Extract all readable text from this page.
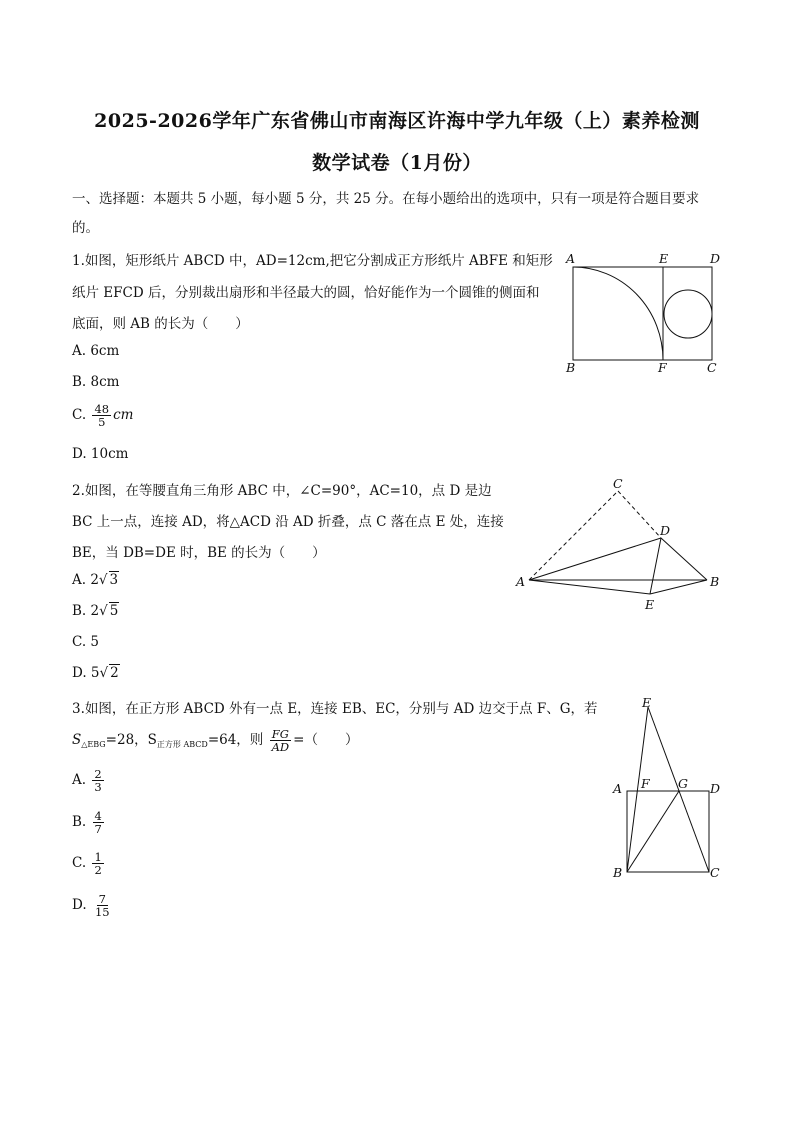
2025-2026学年广东省佛山市南海区许海中学九年级（上）素养检测
数学试卷（1月份）
一、选择题：本题共 5 小题，每小题 5 分，共 25 分。在每小题给出的选项中，只有一项是符合题目要求
的。
1.如图，矩形纸片 ABCD 中，AD=12cm,把它分割成正方形纸片 ABFE 和矩形
纸片 EFCD 后，分别裁出扇形和半径最大的圆，恰好能作为一个圆锥的侧面和
底面，则 AB 的长为（　　）
A. 6cm
B. 8cm
C. $\frac{48}{5}$ cm
D. 10cm
A	E	D
B	F	C
2.如图，在等腰直角三角形 ABC 中，∠C=90°，AC=10，点 D 是边
BC 上一点，连接 AD，将△ACD 沿 AD 折叠，点 C 落在点 E 处，连接
BE，当 DB=DE 时，BE 的长为（　　）
A. 2√ 3
B. 2√ 5
C. 5
D. 5√ 2
C
D
A	B
E
3.如图，在正方形 ABCD 外有一点 E，连接 EB、EC，分别与 AD 边交于点 F、G，若
$S_{\triangle EBG}=28$，$S_{正方形 ABCD}=64$，则 $\frac{FG}{AD}$ =（　　）
A. $\frac{2}{3}$
B. $\frac{4}{7}$
C. $\frac{1}{2}$
D. $\frac{7}{15}$
E
A F G D
B	C
